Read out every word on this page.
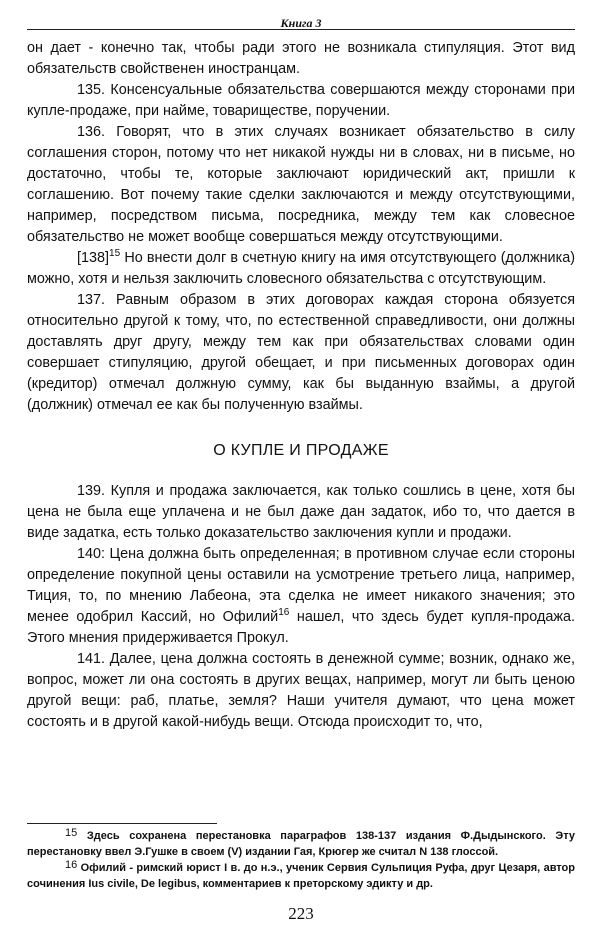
Книга 3

он дает - конечно так, чтобы ради этого не возникала стипуляция. Этот вид обязательств свойственен иностранцам.

135. Консенсуальные обязательства совершаются между сторонами при купле-продаже, при найме, товариществе, поручении.

136. Говорят, что в этих случаях возникает обязательство в силу соглашения сторон, потому что нет никакой нужды ни в словах, ни в письме, но достаточно, чтобы те, которые заключают юридический акт, пришли к соглашению. Вот почему такие сделки заключаются и между отсутствующими, например, посредством письма, посредника, между тем как словесное обязательство не может вообще совершаться между отсутствующими.

$[138]^{15}$ Но внести долг в счетную книгу на имя отсутствующего (должника) можно, хотя и нельзя заключить словесного обязательства с отсутствующим.

137. Равным образом в этих договорах каждая сторона обязуется относительно другой к тому, что, по естественной справедливости, они должны доставлять друг другу, между тем как при обязательствах словами один совершает стипуляцию, другой обещает, и при письменных договорах один (кредитор) отмечал должную сумму, как бы выданную взаймы, а другой (должник) отмечал ее как бы полученную взаймы.

О КУПЛЕ И ПРОДАЖЕ

139. Купля и продажа заключается, как только сошлись в цене, хотя бы цена не была еще уплачена и не был даже дан задаток, ибо то, что дается в виде задатка, есть только доказательство заключения купли и продажи.

140: Цена должна быть определенная; в противном случае если стороны определение покупной цены оставили на усмотрение третьего лица, например, Тиция, то, по мнению Лабеона, эта сделка не имеет никакого значения; это менее одобрил Кассий, но Офилий$^{16}$ нашел, что здесь будет купля-продажа. Этого мнения придерживается Прокул.

141. Далее, цена должна состоять в денежной сумме; возник, однако же, вопрос, может ли она состоять в других вещах, например, могут ли быть ценою другой вещи: раб, платье, земля? Наши учителя думают, что цена может состоять и в другой какой-нибудь вещи. Отсюда происходит то, что,

$^{15}$ Здесь сохранена перестановка параграфов 138-137 издания Ф.Дыдынского. Эту перестановку ввел Э.Гушке в своем (V) издании Гая, Крюгер же считал N 138 глоссой.

$^{16}$ Офилий - римский юрист I в. до н.э., ученик Сервия Сульпиция Руфа, друг Цезаря, автор сочинения Ius civile, De legibus, комментариев к преторскому эдикту и др.

223
